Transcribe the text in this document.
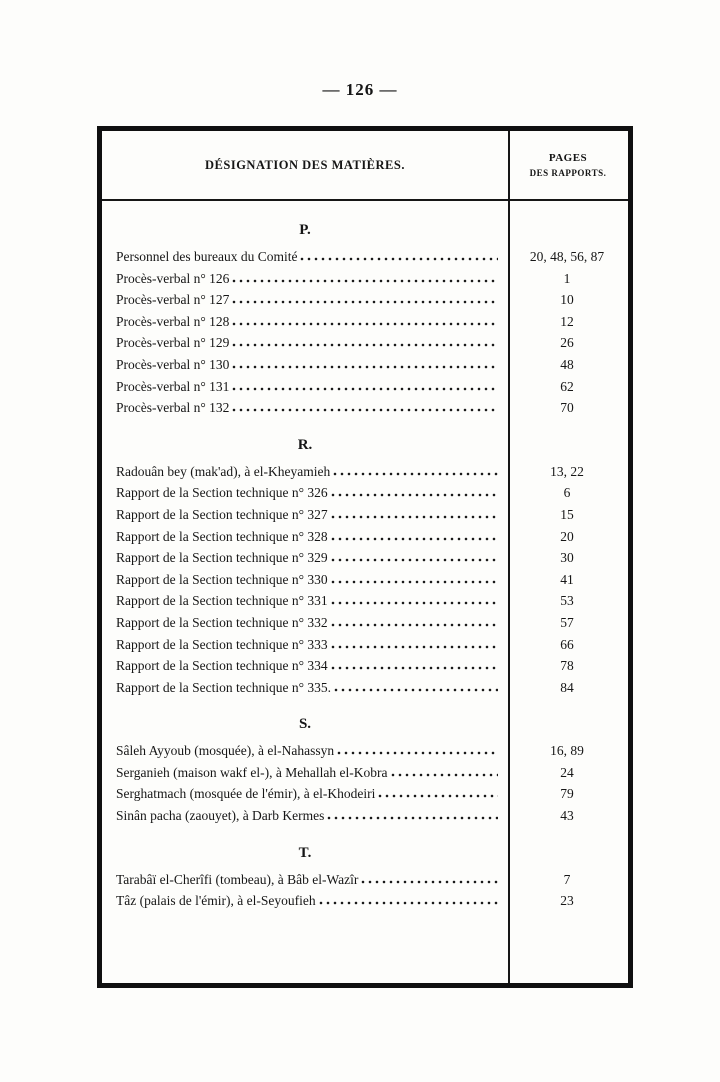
— 126 —
DÉSIGNATION DES MATIÈRES.	PAGES
DES RAPPORTS.
P.
Personnel des bureaux du Comité	20, 48, 56, 87
Procès-verbal n° 126	1
Procès-verbal n° 127	10
Procès-verbal n° 128	12
Procès-verbal n° 129	26
Procès-verbal n° 130	48
Procès-verbal n° 131	62
Procès-verbal n° 132	70
R.
Radouân bey (mak'ad), à el-Kheyamieh	13, 22
Rapport de la Section technique n° 326	6
Rapport de la Section technique n° 327	15
Rapport de la Section technique n° 328	20
Rapport de la Section technique n° 329	30
Rapport de la Section technique n° 330	41
Rapport de la Section technique n° 331	53
Rapport de la Section technique n° 332	57
Rapport de la Section technique n° 333	66
Rapport de la Section technique n° 334	78
Rapport de la Section technique n° 335.	84
S.
Sâleh Ayyoub (mosquée), à el-Nahassyn	16, 89
Serganieh (maison wakf el-), à Mehallah el-Kobra	24
Serghatmach (mosquée de l'émir), à el-Khodeiri	79
Sinân pacha (zaouyet), à Darb Kermes	43
T.
Tarabâï el-Cherîfi (tombeau), à Bâb el-Wazîr	7
Tâz (palais de l'émir), à el-Seyoufieh	23
